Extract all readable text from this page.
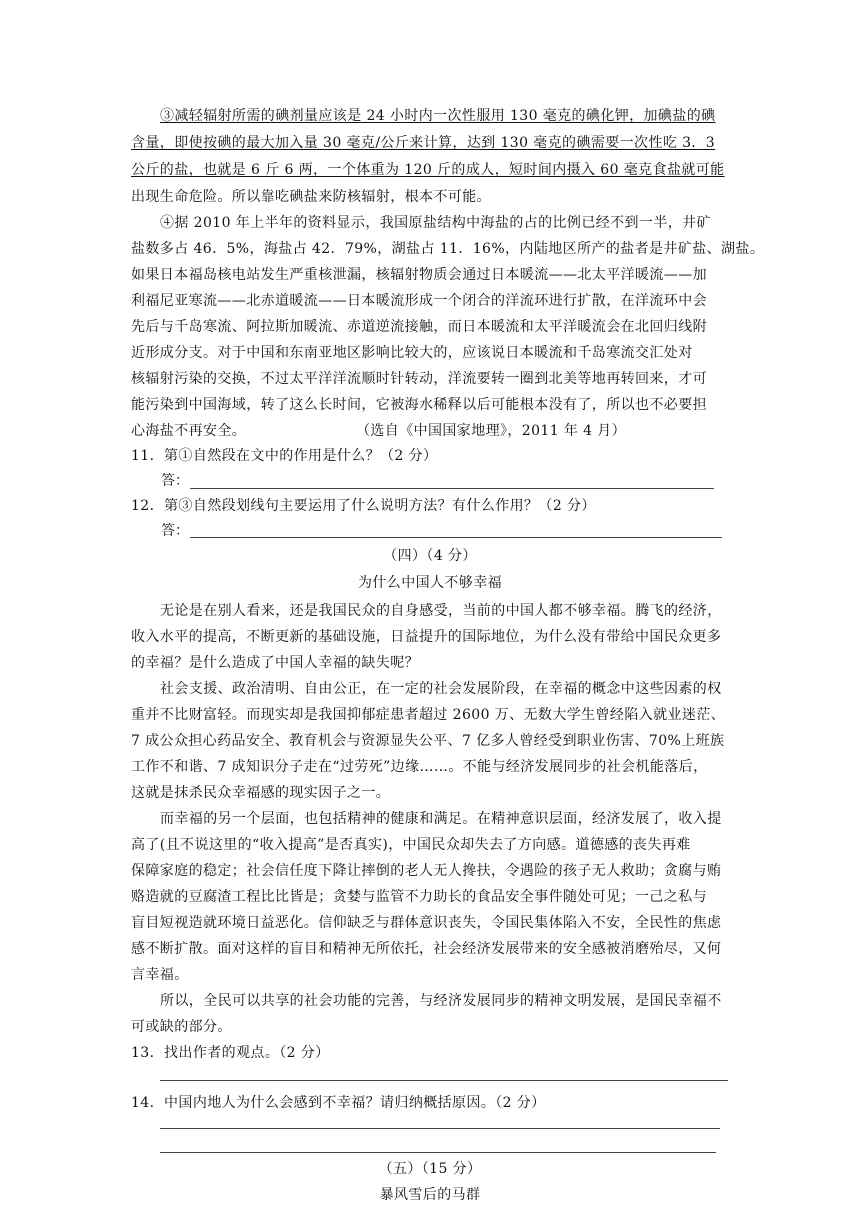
③减轻辐射所需的碘剂量应该是 24 小时内一次性服用 130 毫克的碘化钾，加碘盐的碘
含量，即使按碘的最大加入量 30 毫克/公斤来计算，达到 130 毫克的碘需要一次性吃 3．3
公斤的盐，也就是 6 斤 6 两，一个体重为 120 斤的成人，短时间内摄入 60 毫克食盐就可能
出现生命危险。所以靠吃碘盐来防核辐射，根本不可能。
④据 2010 年上半年的资料显示，我国原盐结构中海盐的占的比例已经不到一半，井矿
盐数多占 46．5%，海盐占 42．79%，湖盐占 11．16%，内陆地区所产的盐者是井矿盐、湖盐。
如果日本福岛核电站发生严重核泄漏，核辐射物质会通过日本暖流——北太平洋暖流——加
利福尼亚寒流——北赤道暖流——日本暖流形成一个闭合的洋流环进行扩散，在洋流环中会
先后与千岛寒流、阿拉斯加暖流、赤道逆流接触，而日本暖流和太平洋暖流会在北回归线附
近形成分支。对于中国和东南亚地区影响比较大的，应该说日本暖流和千岛寒流交汇处对
核辐射污染的交换，不过太平洋洋流顺时针转动，洋流要转一圈到北美等地再转回来，才可
能污染到中国海域，转了这么长时间，它被海水稀释以后可能根本没有了，所以也不必要担
心海盐不再安全。	（选自《中国国家地理》，2011 年 4 月）
11．第①自然段在文中的作用是什么？（2 分）
答：
12．第③自然段划线句主要运用了什么说明方法？有什么作用？（2 分）
答：
（四）（4 分）
为什么中国人不够幸福
无论是在别人看来，还是我国民众的自身感受，当前的中国人都不够幸福。腾飞的经济，
收入水平的提高，不断更新的基础设施，日益提升的国际地位，为什么没有带给中国民众更多
的幸福？是什么造成了中国人幸福的缺失呢？
社会支援、政治清明、自由公正，在一定的社会发展阶段，在幸福的概念中这些因素的权
重并不比财富轻。而现实却是我国抑郁症患者超过 2600 万、无数大学生曾经陷入就业迷茫、
7 成公众担心药品安全、教育机会与资源显失公平、7 亿多人曾经受到职业伤害、70%上班族
工作不和谐、7 成知识分子走在“过劳死”边缘……。不能与经济发展同步的社会机能落后，
这就是抹杀民众幸福感的现实因子之一。
而幸福的另一个层面，也包括精神的健康和满足。在精神意识层面，经济发展了，收入提
高了(且不说这里的“收入提高”是否真实)，中国民众却失去了方向感。道德感的丧失再难
保障家庭的稳定；社会信任度下降让摔倒的老人无人搀扶，令遇险的孩子无人救助；贪腐与贿
赂造就的豆腐渣工程比比皆是；贪婪与监管不力助长的食品安全事件随处可见；一己之私与
盲目短视造就环境日益恶化。信仰缺乏与群体意识丧失，令国民集体陷入不安，全民性的焦虑
感不断扩散。面对这样的盲目和精神无所依托，社会经济发展带来的安全感被消磨殆尽，又何
言幸福。
所以，全民可以共享的社会功能的完善，与经济发展同步的精神文明发展，是国民幸福不
可或缺的部分。
13．找出作者的观点。（2 分）
14．中国内地人为什么会感到不幸福？请归纳概括原因。（2 分）
（五）（15 分）
暴风雪后的马群
